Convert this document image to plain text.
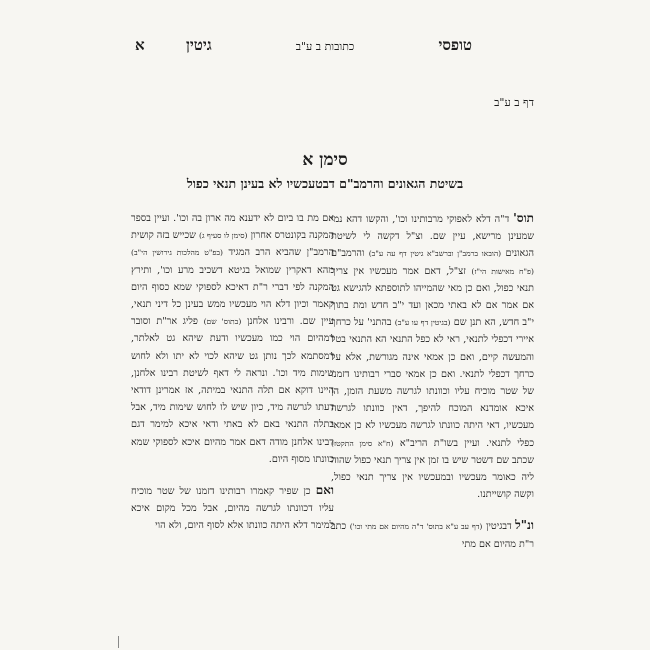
טופסי
כתובות ב ע"ב
גיטין
א
דף ב ע"ב
סימן א
בשיטת הגאונים והרמב"ם דבטעכשיו לא בעינן תנאי כפול

תוס' ד"ה דלא לאפוקי מרבותינו וכו', והקשו דהא נמי שמעינן מרישא, עיין שם. וצ"ל דקשה לי לשיטת הגאונים (הובאו ברמב"ן וברשב"א גיטין דף עה ע"ב) והרמב"ם (פ"ח מאישות הי"ז) זצ"ל, דאם אמר מעכשיו אין צריך תנאי כפול, ואם כן מאי שהמייהו לתוספתא להגישא גט אם אמר אם לא באתי מכאן ועד י"ב חדש ומת בתוך י"ב חדש, הא תנן שם (בגיטין דף עו ע"ב) בהתני' על כרחך איירי דכפלי לתנאי, ראי לא כפל התנאי הא התנאי בטל והמעשה קיים, ואם כן אמאי אינה מגורשת, אלא על כרחך דכפלי לתנאי. ואם כן אמאי סברי רבותינו דזמנו של שטר מוכיח עליו וכוונתו לגרשה משעת הזמן, הן איכא אומדנא המוכח להיפך, דאין כוונתו לגרשה מעכשיו, דאי היתה כוונתו לגרשה מעכשיו לא כן אמאי כפלי לתנאי. ועיין בשו"ת הריב"א (ח"א סימן התקטז) שכתב שם דשטר שיש בו זמן אין צריך תנאי כפול שהוה ליה כאומר מעכשיו ובמעכשיו אין צריך תנאי כפול, וקשה קושייתנו.

ונ"ל דבגיטין (דף עב ע"א בתוס' ד"ה מהיום אם מתי וכו') כתב ר"ת מהיום אם מתי

אם מת בו ביום לא ידענא מה ארון בה וכו'. ועיין בספר המקנה בקונטרס אחרון (סימן לו סעיף ג) שכייש בזה קושית הרמב"ן שהביא הרב המגיד (בפ"ט מהלכות גירושין הי"ב) מהא דאקרין שמואל בגיטא דשכיב מרע וכו', ותירץ המקנה לפי דברי ר"ת דאיכא לספוקי שמא כסוף היום קאמר וכיון דלא הוי מעכשיו ממש בעינן כל דיני תנאי, עיין שם. ורבינו אלחנן (בתוס' שם) פליג אר"ת וסובר דמהיום הוי כמו מעכשיו ודעת שיהא גט לאלתר, דמסתמא לכך נותן גט שיהא לכוי לא יתו ולא לחוש שימות מיד וכו'. ונראה לי דאף לשיטת רבינו אלחנן, היינו דוקא אם תלה התנאי במיתה, אז אמרינן דודאי דעתו לגרשה מיד, כיון שיש לו לחוש שימות מיד, אבל בתלה התנאי באם לא באתי ודאי איכא למימר דגם רבינו אלחנן מודה דאם אמר מהיום איכא לספוקי שמא כוונתו מסוף היום.

ואם כן שפיר קאמרו רבותינו דזמנו של שטר מוכיח עליו דכוונתו לגרשה מהיום, אבל מכל מקום איכא למימר דלא היתה כוונתו אלא לסוף היום, ולא הוי
